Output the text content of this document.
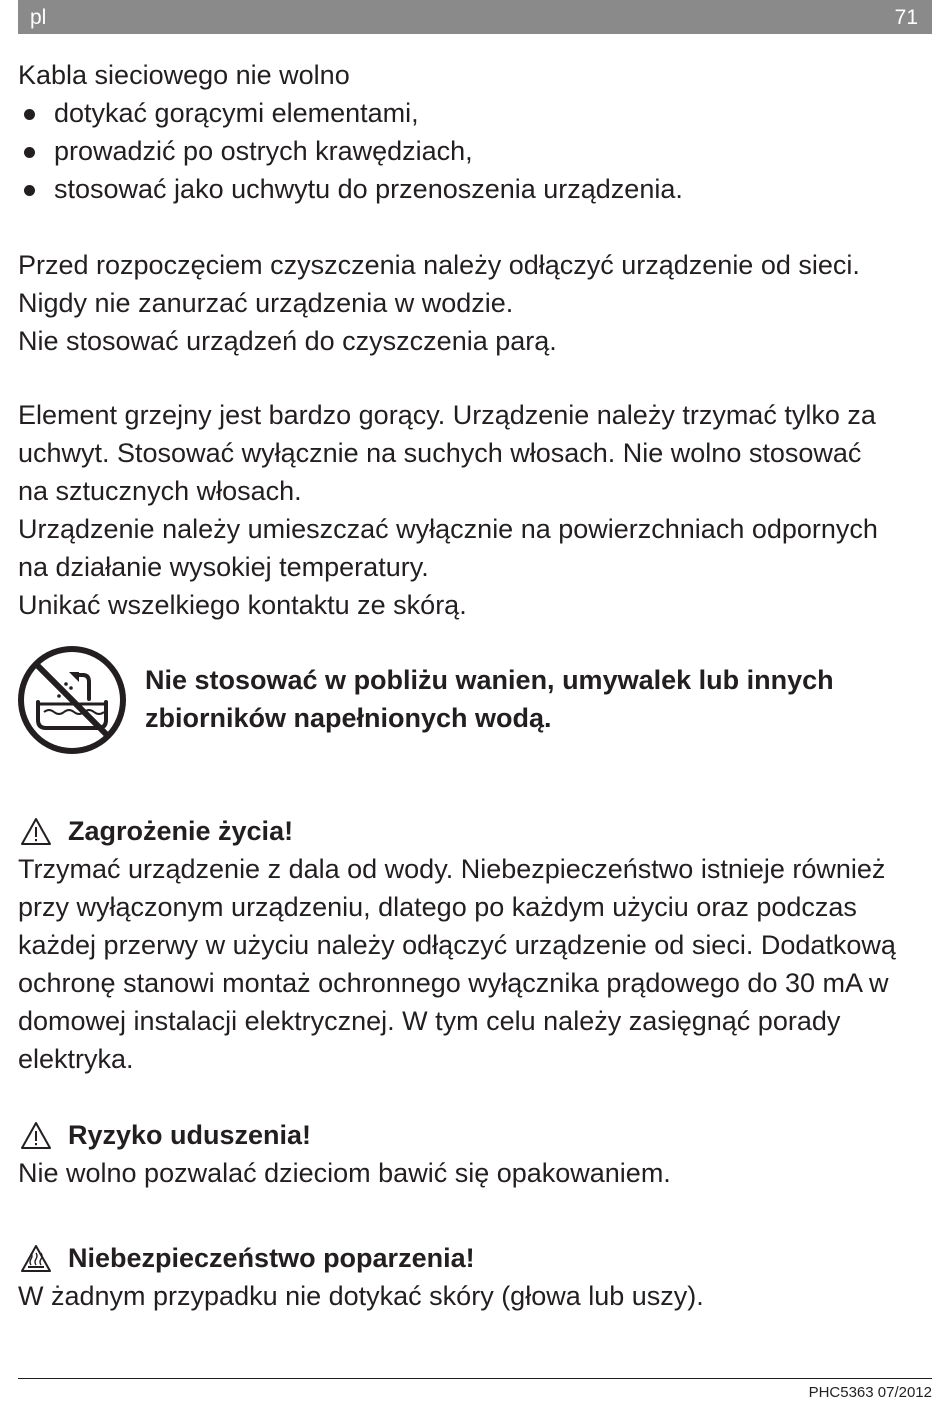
pl	71

Kabla sieciowego nie wolno

dotykać gorącymi elementami,
prowadzić po ostrych krawędziach,
stosować jako uchwytu do przenoszenia urządzenia.

Przed rozpoczęciem czyszczenia należy odłączyć urządzenie od sieci.

Nigdy nie zanurzać urządzenia w wodzie.

Nie stosować urządzeń do czyszczenia parą.

Element grzejny jest bardzo gorący. Urządzenie należy trzymać tylko za uchwyt. Stosować wyłącznie na suchych włosach. Nie wolno stosować na sztucznych włosach.

Urządzenie należy umieszczać wyłącznie na powierzchniach odpornych na działanie wysokiej temperatury.

Unikać wszelkiego kontaktu ze skórą.

Nie stosować w pobliżu wanien, umywalek lub innych
zbiorników napełnionych wodą.
Zagrożenie życia!

Trzymać urządzenie z dala od wody. Niebezpieczeństwo istnieje również przy wyłączonym urządzeniu, dlatego po każdym użyciu oraz podczas każdej przerwy w użyciu należy odłączyć urządzenie od sieci. Dodatkową ochronę stanowi montaż ochronnego wyłącznika prądowego do 30 mA w domowej instalacji elektrycznej. W tym celu należy zasięgnąć porady elektryka.

Ryzyko uduszenia!

Nie wolno pozwalać dzieciom bawić się opakowaniem.

Niebezpieczeństwo poparzenia!

W żadnym przypadku nie dotykać skóry (głowa lub uszy).

PHC5363 07/2012
